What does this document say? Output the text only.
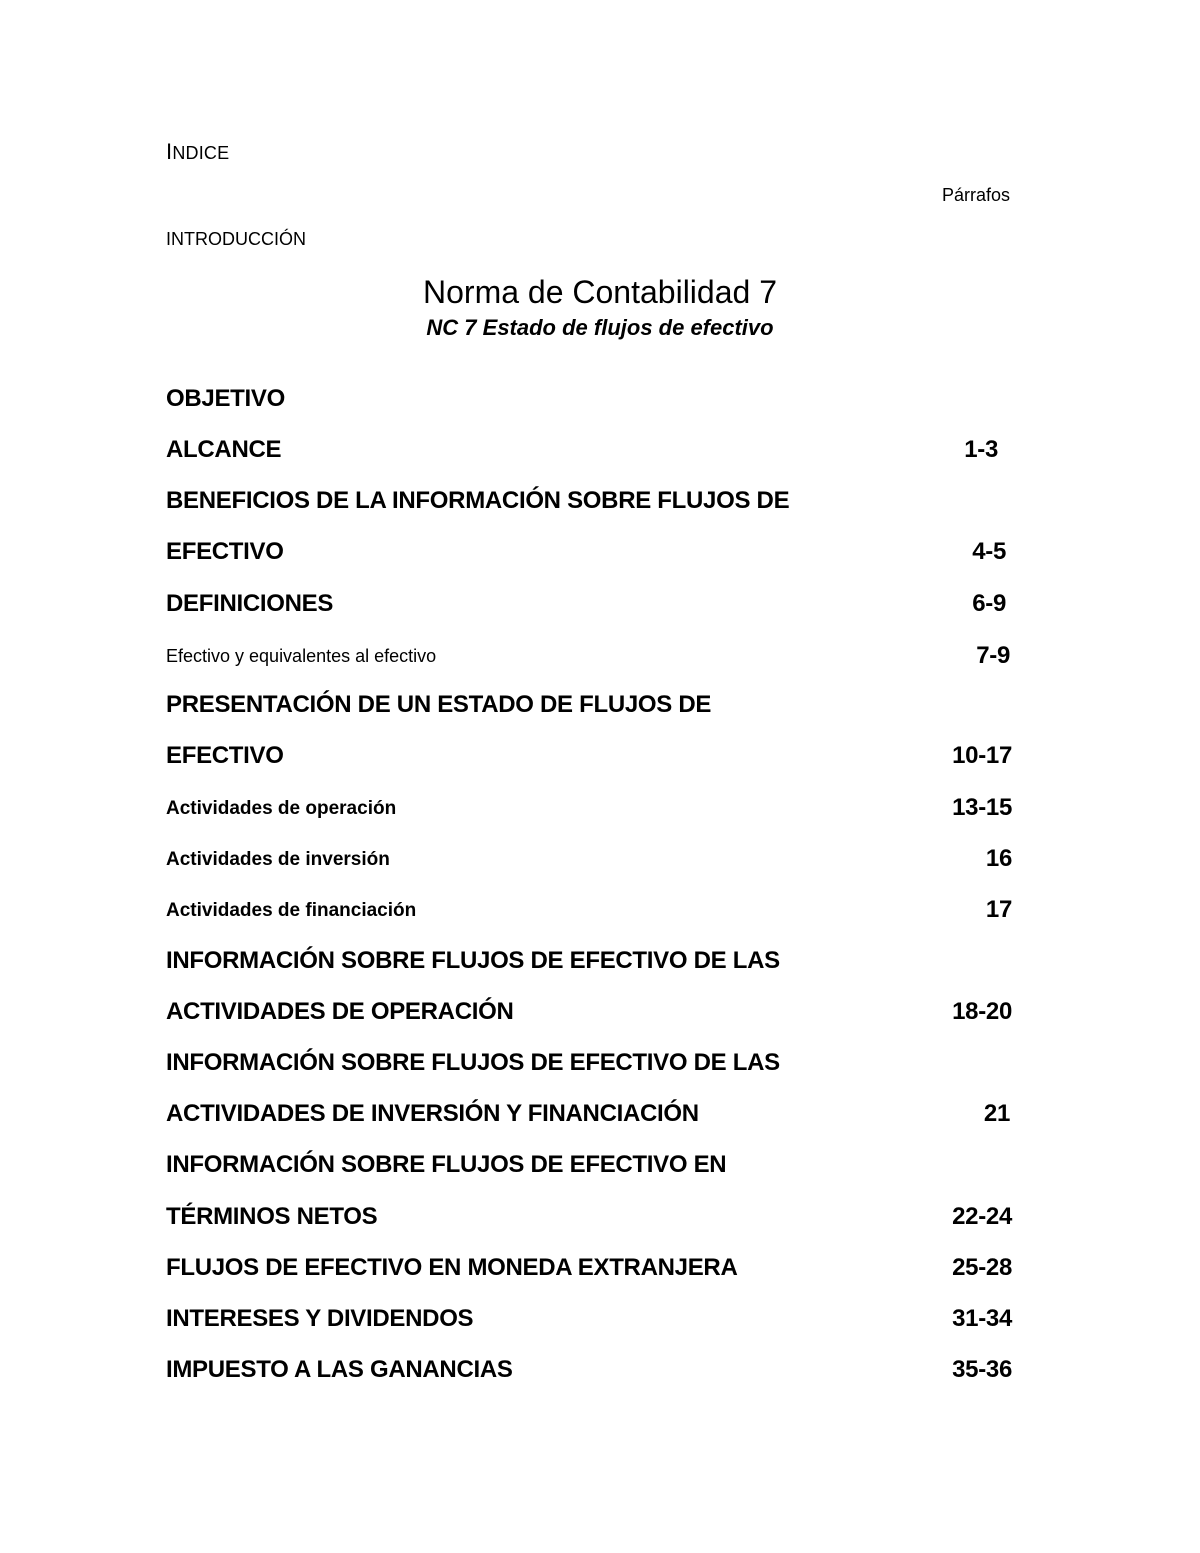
INDICE
Párrafos
INTRODUCCIÓN
Norma de Contabilidad 7
NC 7 Estado de flujos de efectivo
OBJETIVO
ALCANCE	1-3
BENEFICIOS DE LA INFORMACIÓN SOBRE FLUJOS DE
EFECTIVO	4-5
DEFINICIONES	6-9
Efectivo y equivalentes al efectivo	7-9
PRESENTACIÓN DE UN ESTADO DE FLUJOS DE
EFECTIVO	10-17
Actividades de operación	13-15
Actividades de inversión	16
Actividades de financiación	17
INFORMACIÓN SOBRE FLUJOS DE EFECTIVO DE LAS
ACTIVIDADES DE OPERACIÓN	18-20
INFORMACIÓN SOBRE FLUJOS DE EFECTIVO DE LAS
ACTIVIDADES DE INVERSIÓN Y FINANCIACIÓN	21
INFORMACIÓN SOBRE FLUJOS DE EFECTIVO EN
TÉRMINOS NETOS	22-24
FLUJOS DE EFECTIVO EN MONEDA EXTRANJERA	25-28
INTERESES Y DIVIDENDOS	31-34
IMPUESTO A LAS GANANCIAS	35-36
